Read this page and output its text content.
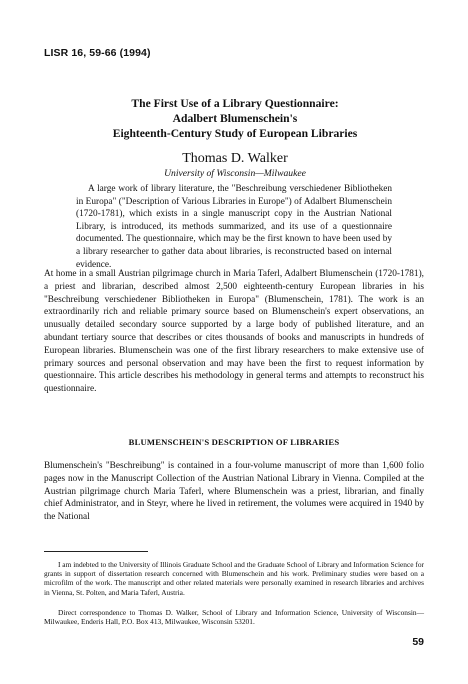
LISR 16, 59-66 (1994)
The First Use of a Library Questionnaire:
Adalbert Blumenschein's
Eighteenth-Century Study of European Libraries
Thomas D. Walker
University of Wisconsin—Milwaukee
A large work of library literature, the "Beschreibung verschiedener Bibliotheken in Europa" ("Description of Various Libraries in Europe") of Adalbert Blumenschein (1720-1781), which exists in a single manuscript copy in the Austrian National Library, is introduced, its methods summarized, and its use of a questionnaire documented. The questionnaire, which may be the first known to have been used by a library researcher to gather data about libraries, is reconstructed based on internal evidence.

At home in a small Austrian pilgrimage church in Maria Taferl, Adalbert Blumenschein (1720-1781), a priest and librarian, described almost 2,500 eighteenth-century European libraries in his "Beschreibung verschiedener Bibliotheken in Europa" (Blumenschein, 1781). The work is an extraordinarily rich and reliable primary source based on Blumenschein's expert observations, an unusually detailed secondary source supported by a large body of published literature, and an abundant tertiary source that describes or cites thousands of books and manuscripts in hundreds of European libraries. Blumenschein was one of the first library researchers to make extensive use of primary sources and personal observation and may have been the first to request information by questionnaire. This article describes his methodology in general terms and attempts to reconstruct his questionnaire.

BLUMENSCHEIN'S DESCRIPTION OF LIBRARIES

Blumenschein's "Beschreibung" is contained in a four-volume manuscript of more than 1,600 folio pages now in the Manuscript Collection of the Austrian National Library in Vienna. Compiled at the Austrian pilgrimage church Maria Taferl, where Blumenschein was a priest, librarian, and finally chief Administrator, and in Steyr, where he lived in retirement, the volumes were acquired in 1940 by the National

I am indebted to the University of Illinois Graduate School and the Graduate School of Library and Information Science for grants in support of dissertation research concerned with Blumenschein and his work. Preliminary studies were based on a microfilm of the work. The manuscript and other related materials were personally examined in research libraries and archives in Vienna, St. Polten, and Maria Taferl, Austria.

Direct correspondence to Thomas D. Walker, School of Library and Information Science, University of Wisconsin—Milwaukee, Enderis Hall, P.O. Box 413, Milwaukee, Wisconsin 53201.

59
